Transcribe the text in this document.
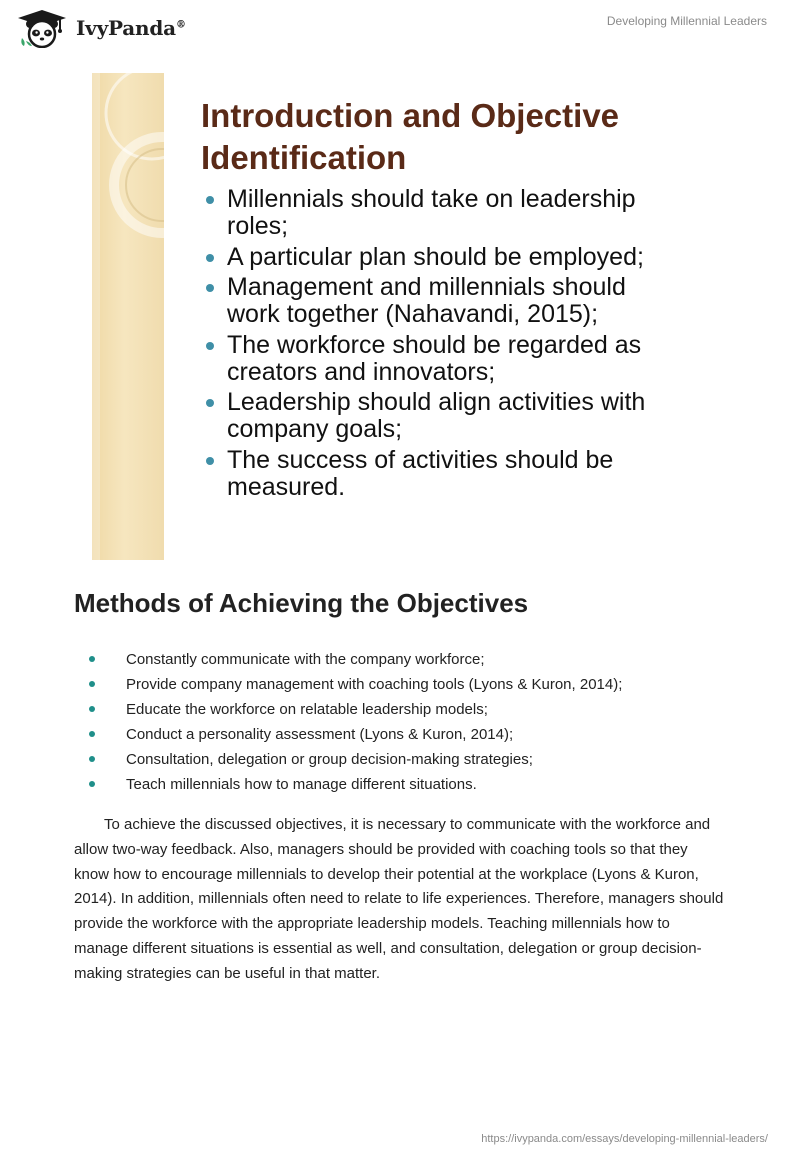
IvyPanda®	Developing Millennial Leaders
Introduction and Objective
Identification
Millennials should take on leadership
roles;
A particular plan should be employed;
Management and millennials should
work together (Nahavandi, 2015);
The workforce should be regarded as
creators and innovators;
Leadership should align activities with
company goals;
The success of activities should be
measured.
Methods of Achieving the Objectives
Constantly communicate with the company workforce;
Provide company management with coaching tools (Lyons & Kuron, 2014);
Educate the workforce on relatable leadership models;
Conduct a personality assessment (Lyons & Kuron, 2014);
Consultation, delegation or group decision-making strategies;
Teach millennials how to manage different situations.

To achieve the discussed objectives, it is necessary to communicate with the workforce and allow two-way feedback. Also, managers should be provided with coaching tools so that they know how to encourage millennials to develop their potential at the workplace (Lyons & Kuron, 2014). In addition, millennials often need to relate to life experiences. Therefore, managers should provide the workforce with the appropriate leadership models. Teaching millennials how to manage different situations is essential as well, and consultation, delegation or group decision-making strategies can be useful in that matter.

https://ivypanda.com/essays/developing-millennial-leaders/
